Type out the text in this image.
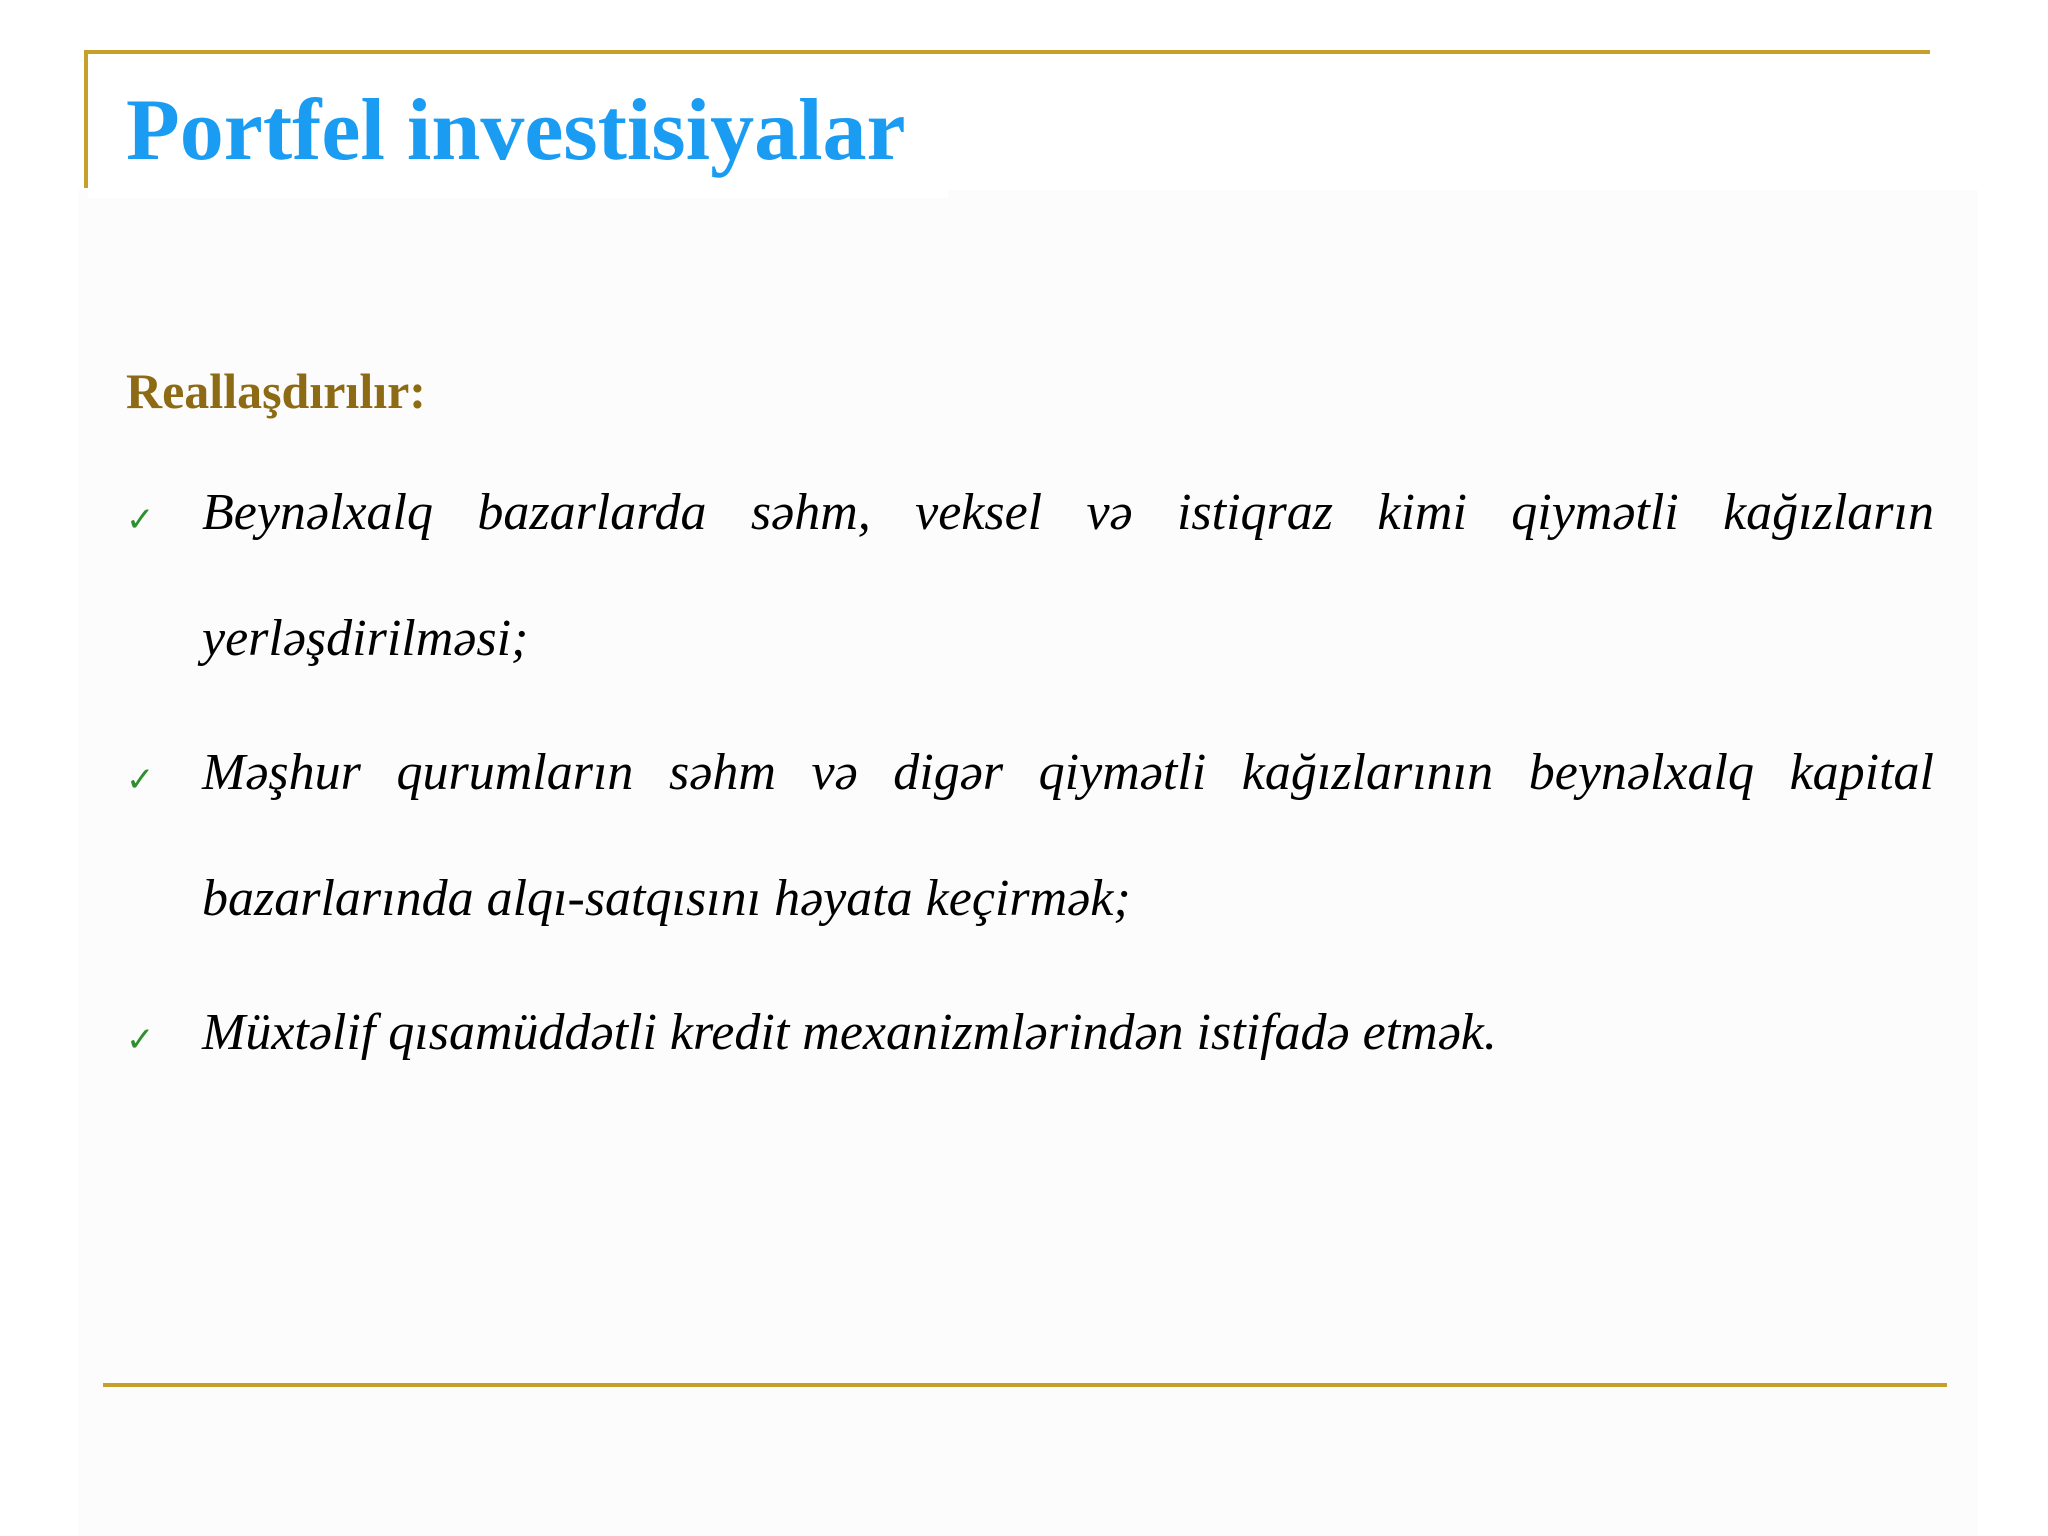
Portfel investisiyalar
Reallaşdırılır:
✓ Beynəlxalq bazarlarda səhm, veksel və istiqraz kimi qiymətli kağızların yerləşdirilməsi;
✓ Məşhur qurumların səhm və digər qiymətli kağızlarının beynəlxalq kapital bazarlarında alqı-satqısını həyata keçirmək;
✓ Müxtəlif qısamüddətli kredit mexanizmlərindən istifadə etmək.
